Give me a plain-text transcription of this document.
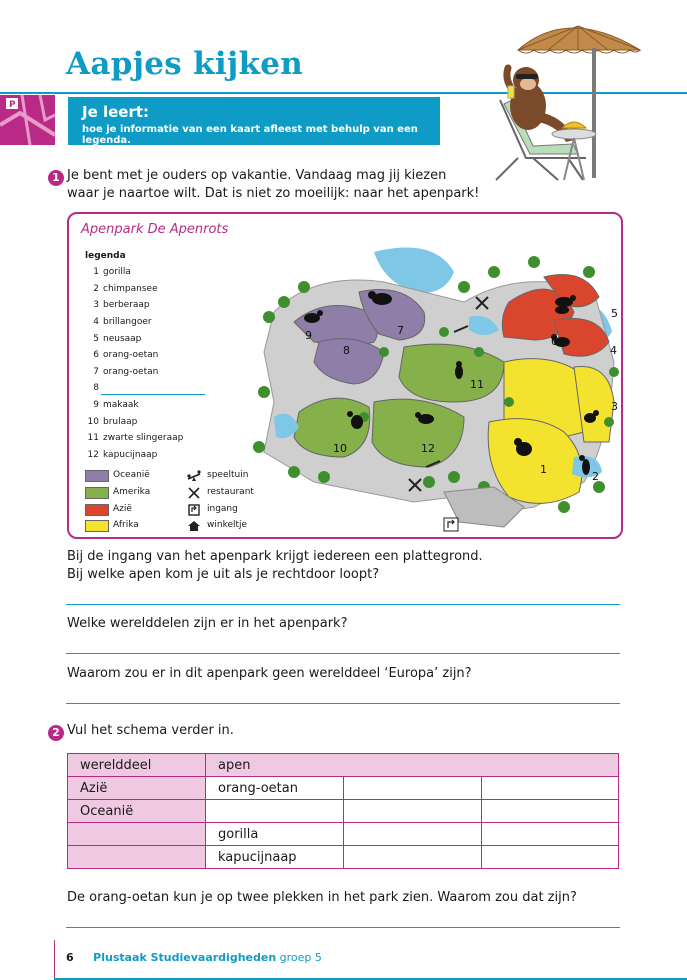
Aapjes kijken
P	Je leert:
hoe je informatie van een kaart afleest met behulp van een legenda.
1 Je bent met je ouders op vakantie. Vandaag mag jij kiezen
waar je naartoe wilt. Dat is niet zo moeilijk: naar het apenpark!
Apenpark De Apenrots
legenda
1 gorilla
2 chimpansee
3 berberaap
4 brillangoer
5 neusaap
6 orang-oetan
7 orang-oetan
8
9 makaak
10 brulaap
11 zwarte slingeraap
12 kapucijnaap
Oceanië
Amerika
Azië
Afrika
speeltuin
restaurant
ingang
winkeltje
1
2
3
4
5
6
7
8
9
10
11
12
Bij de ingang van het apenpark krijgt iedereen een plattegrond.
Bij welke apen kom je uit als je rechtdoor loopt?
Welke werelddelen zijn er in het apenpark?
Waarom zou er in dit apenpark geen werelddeel ‘Europa’ zijn?
2 Vul het schema verder in.
werelddeel	apen		
Azië	orang-oetan		
Oceanië			
	gorilla		
	kapucijnaap		
De orang-oetan kun je op twee plekken in het park zien. Waarom zou dat zijn?
6 Plustaak Studievaardigheden groep 5
